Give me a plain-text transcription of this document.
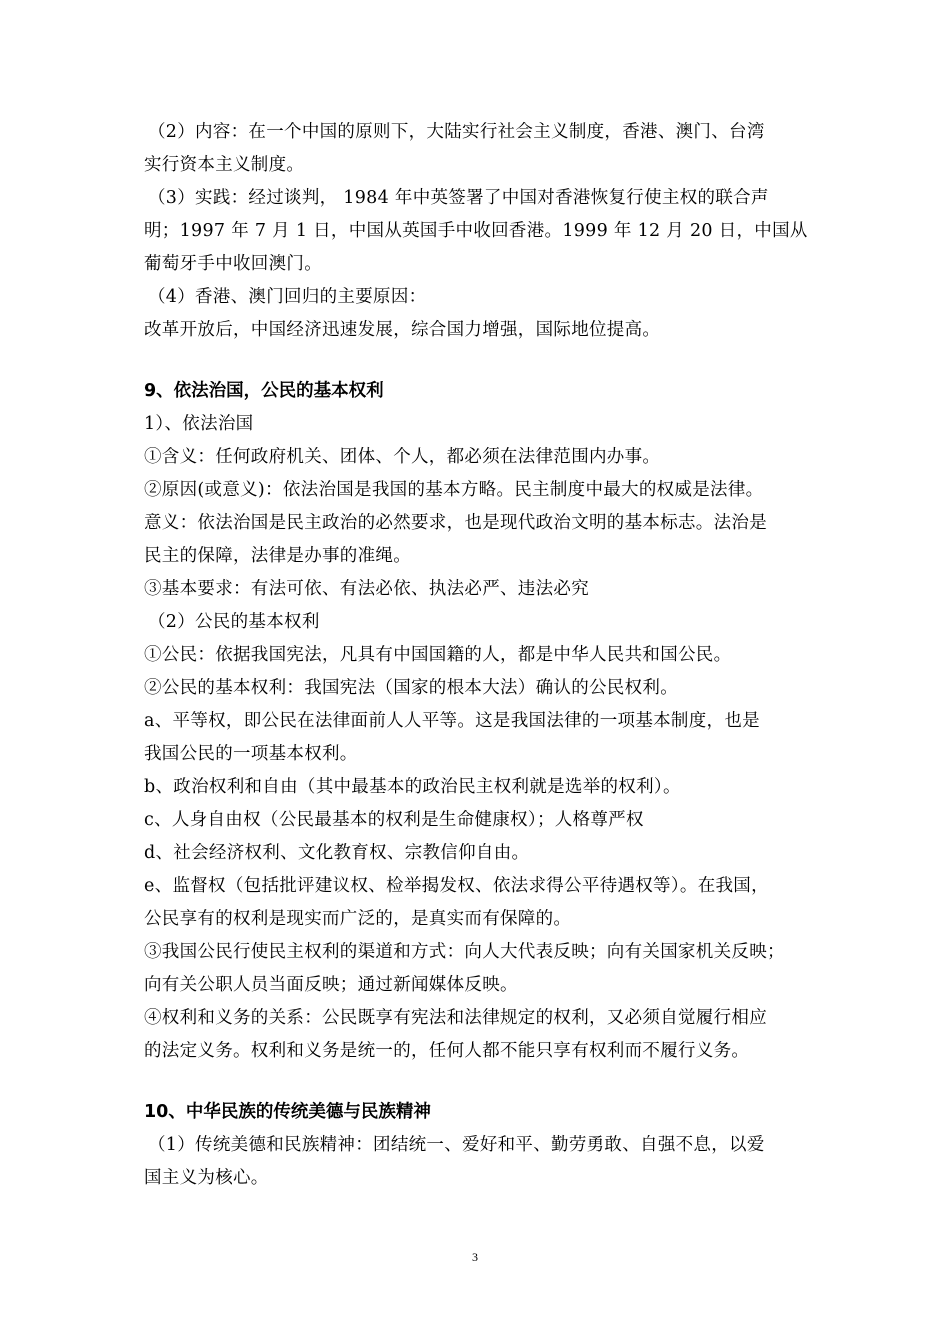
（2）内容：在一个中国的原则下，大陆实行社会主义制度，香港、澳门、台湾
实行资本主义制度。
（3）实践：经过谈判， 1984 年中英签署了中国对香港恢复行使主权的联合声
明；1997 年 7 月 1 日，中国从英国手中收回香港。1999 年 12 月 20 日，中国从
葡萄牙手中收回澳门。
（4）香港、澳门回归的主要原因：
改革开放后，中国经济迅速发展，综合国力增强，国际地位提高。
9、依法治国，公民的基本权利
1）、依法治国
①含义：任何政府机关、团体、个人，都必须在法律范围内办事。
②原因(或意义)：依法治国是我国的基本方略。民主制度中最大的权威是法律。
意义：依法治国是民主政治的必然要求，也是现代政治文明的基本标志。法治是
民主的保障，法律是办事的准绳。
③基本要求：有法可依、有法必依、执法必严、违法必究
（2）公民的基本权利
①公民：依据我国宪法，凡具有中国国籍的人，都是中华人民共和国公民。
②公民的基本权利：我国宪法（国家的根本大法）确认的公民权利。
a、平等权，即公民在法律面前人人平等。这是我国法律的一项基本制度，也是
我国公民的一项基本权利。
b、政治权利和自由（其中最基本的政治民主权利就是选举的权利）。
c、人身自由权（公民最基本的权利是生命健康权）；人格尊严权
d、社会经济权利、文化教育权、宗教信仰自由。
e、监督权（包括批评建议权、检举揭发权、依法求得公平待遇权等）。在我国，
公民享有的权利是现实而广泛的，是真实而有保障的。
③我国公民行使民主权利的渠道和方式：向人大代表反映；向有关国家机关反映；
向有关公职人员当面反映；通过新闻媒体反映。
④权利和义务的关系：公民既享有宪法和法律规定的权利，又必须自觉履行相应
的法定义务。权利和义务是统一的，任何人都不能只享有权利而不履行义务。
10、中华民族的传统美德与民族精神
（1）传统美德和民族精神：团结统一、爱好和平、勤劳勇敢、自强不息，以爱
国主义为核心。
3
